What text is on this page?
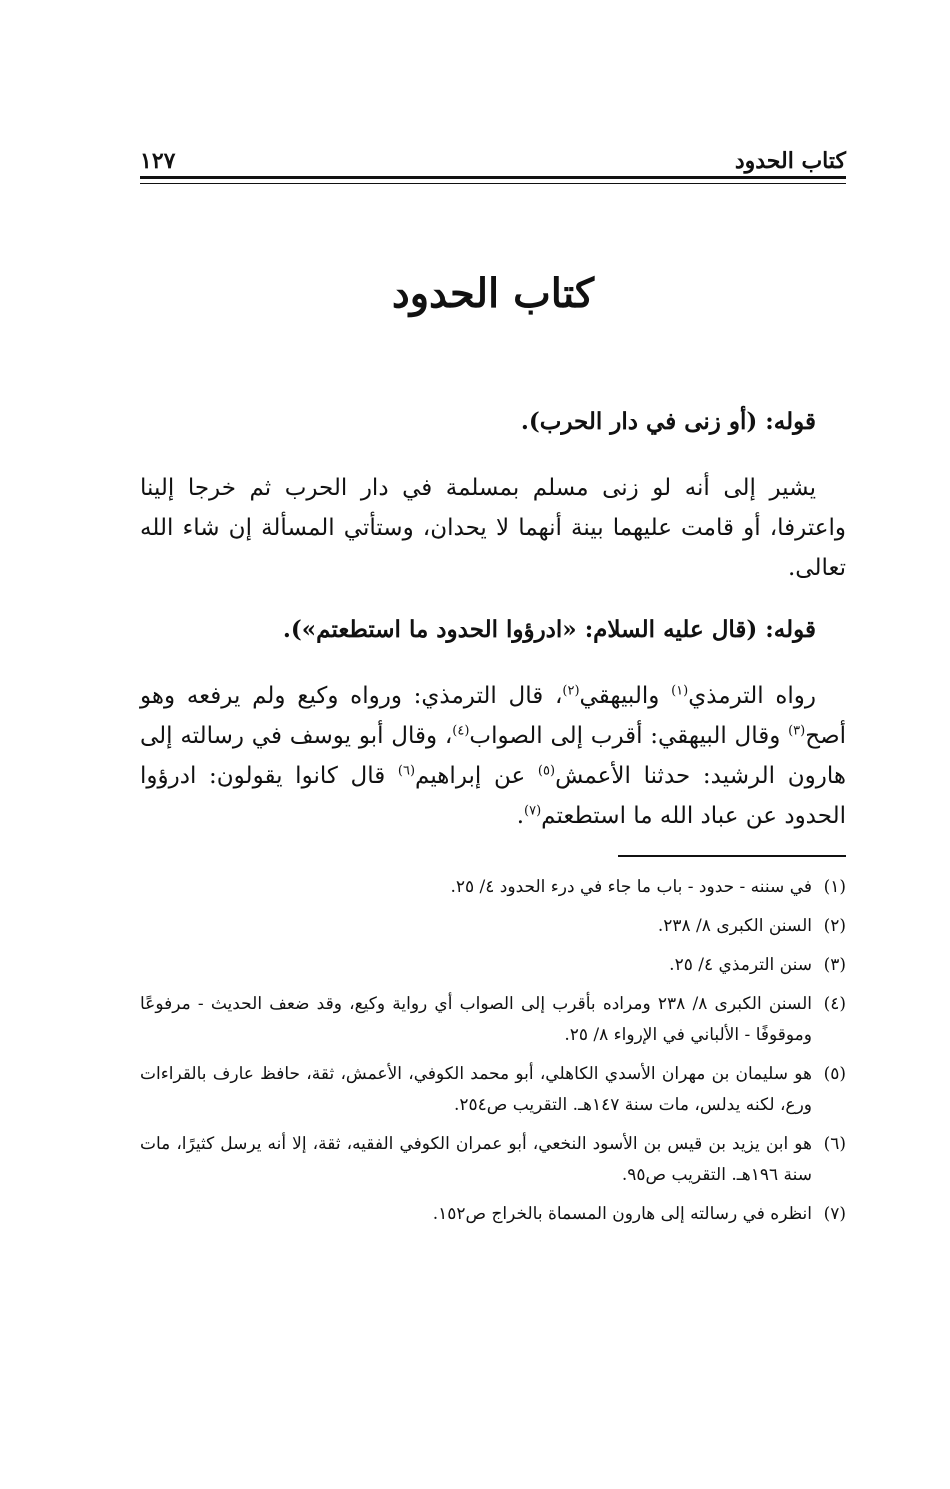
كتاب الحدود
١٢٧
كتاب الحدود

قوله: (أو زنى في دار الحرب).

يشير إلى أنه لو زنى مسلم بمسلمة في دار الحرب ثم خرجا إلينا واعترفا، أو قامت عليهما بينة أنهما لا يحدان، وستأتي المسألة إن شاء الله تعالى.

قوله: (قال عليه السلام: «ادرؤوا الحدود ما استطعتم»).

رواه الترمذي$^{(١)}$ والبيهقي$^{(٢)}$، قال الترمذي: ورواه وكيع ولم يرفعه وهو أصح$^{(٣)}$ وقال البيهقي: أقرب إلى الصواب$^{(٤)}$، وقال أبو يوسف في رسالته إلى هارون الرشيد: حدثنا الأعمش$^{(٥)}$ عن إبراهيم$^{(٦)}$ قال كانوا يقولون: ادرؤوا الحدود عن عباد الله ما استطعتم$^{(٧)}$.

(١)
في سننه - حدود - باب ما جاء في درء الحدود ٤/ ٢٥.
(٢)
السنن الكبرى ٨/ ٢٣٨.
(٣)
سنن الترمذي ٤/ ٢٥.
(٤)
السنن الكبرى ٨/ ٢٣٨ ومراده بأقرب إلى الصواب أي رواية وكيع، وقد ضعف الحديث - مرفوعًا وموقوفًا - الألباني في الإرواء ٨/ ٢٥.
(٥)
هو سليمان بن مهران الأسدي الكاهلي، أبو محمد الكوفي، الأعمش، ثقة، حافظ عارف بالقراءات ورع، لكنه يدلس، مات سنة ١٤٧هـ. التقريب ص٢٥٤.
(٦)
هو ابن يزيد بن قيس بن الأسود النخعي، أبو عمران الكوفي الفقيه، ثقة، إلا أنه يرسل كثيرًا، مات سنة ١٩٦هـ. التقريب ص٩٥.
(٧)
انظره في رسالته إلى هارون المسماة بالخراج ص١٥٢.
